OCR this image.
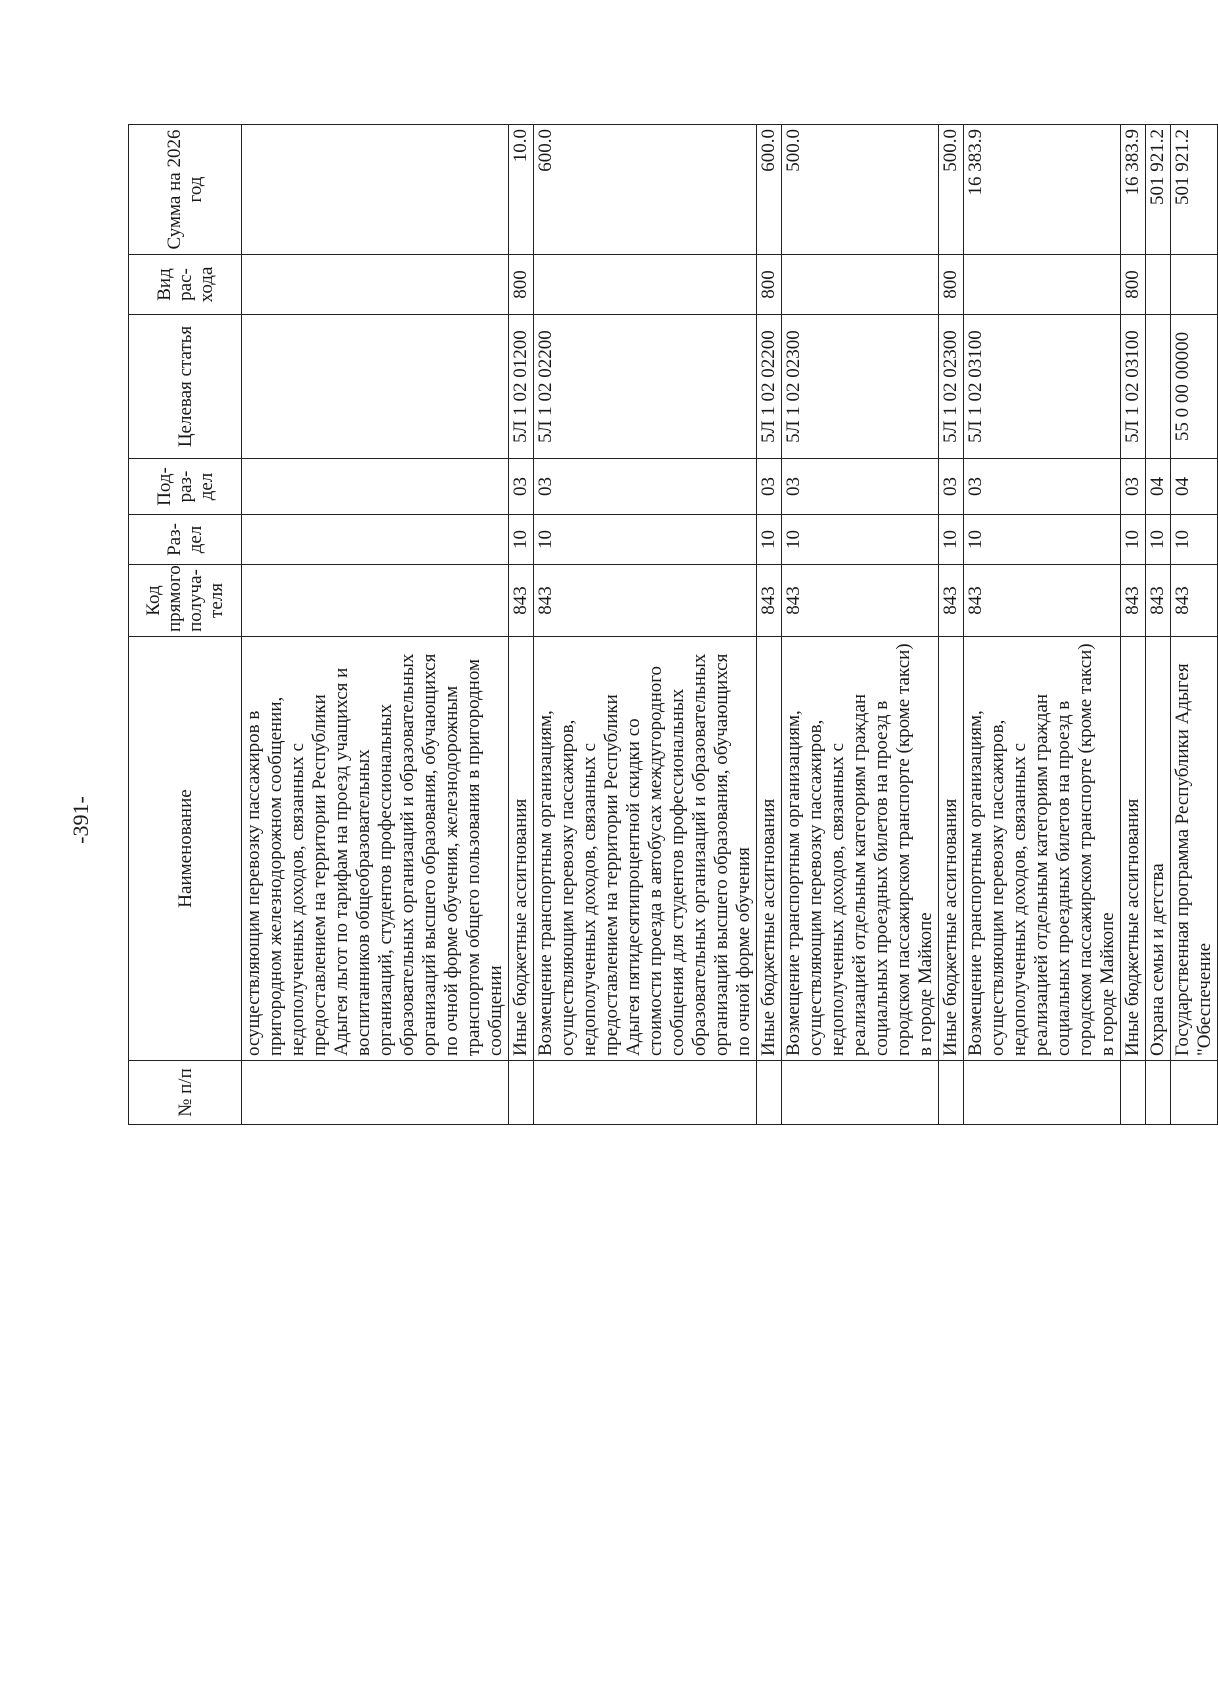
-391-
№ п/п	Наименование	Код прямого получа-теля	Раз-дел	Под-раз-дел	Целевая статья	Вид рас-хода	Сумма на 2026 год
	осуществляющим перевозку пассажиров в пригородном железнодорожном сообщении, недополученных доходов, связанных с предоставлением на территории Республики Адыгея льгот по тарифам на проезд учащихся и воспитанников общеобразовательных организаций, студентов профессиональных образовательных организаций и образовательных организаций высшего образования, обучающихся по очной форме обучения, железнодорожным транспортом общего пользования в пригородном сообщении						
	Иные бюджетные ассигнования	843	10	03	5Л 1 02 01200	800	10.0
	Возмещение транспортным организациям, осуществляющим перевозку пассажиров, недополученных доходов, связанных с предоставлением на территории Республики Адыгея пятидесятипроцентной скидки со стоимости проезда в автобусах междугородного сообщения для студентов профессиональных образовательных организаций и образовательных организаций высшего образования, обучающихся по очной форме обучения	843	10	03	5Л 1 02 02200		600.0
	Иные бюджетные ассигнования	843	10	03	5Л 1 02 02200	800	600.0
	Возмещение транспортным организациям, осуществляющим перевозку пассажиров, недополученных доходов, связанных с реализацией отдельным категориям граждан социальных проездных билетов на проезд в городском пассажирском транспорте (кроме такси) в городе Майкопе	843	10	03	5Л 1 02 02300		500.0
	Иные бюджетные ассигнования	843	10	03	5Л 1 02 02300	800	500.0
	Возмещение транспортным организациям, осуществляющим перевозку пассажиров, недополученных доходов, связанных с реализацией отдельным категориям граждан социальных проездных билетов на проезд в городском пассажирском транспорте (кроме такси) в городе Майкопе	843	10	03	5Л 1 02 03100		16 383.9
	Иные бюджетные ассигнования	843	10	03	5Л 1 02 03100	800	16 383.9
	Охрана семьи и детства	843	10	04			501 921.2
	Государственная программа Республики Адыгея "Обеспечение	843	10	04	55 0 00 00000		501 921.2
